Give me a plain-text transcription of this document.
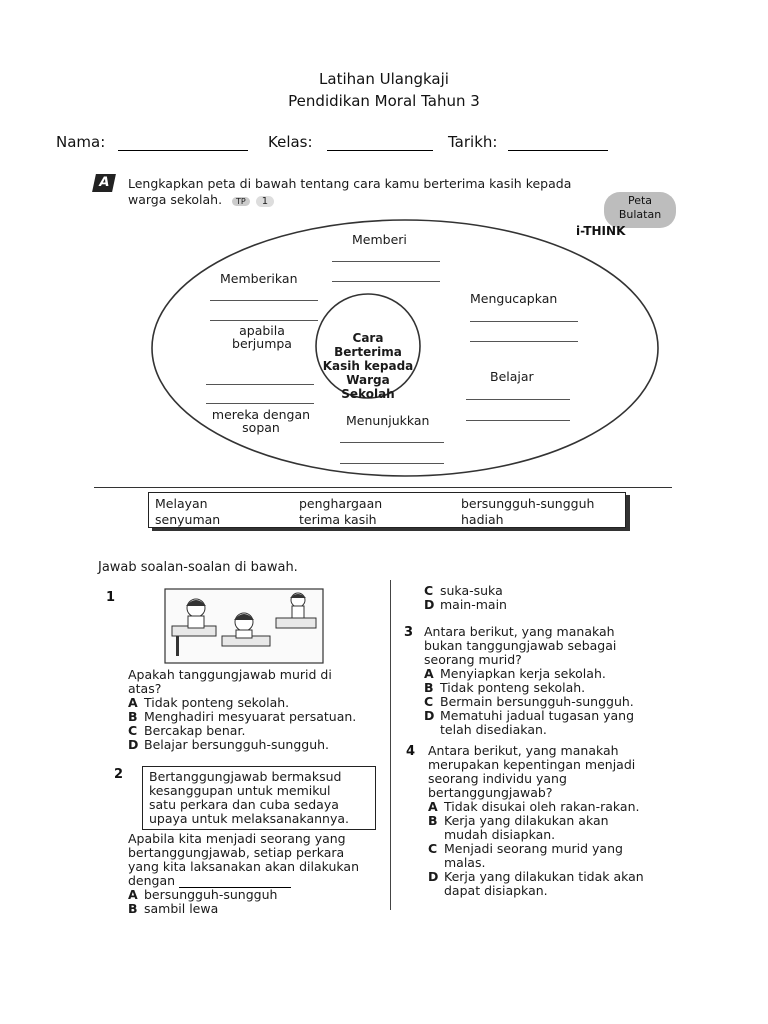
Latihan Ulangkaji
Pendidikan Moral Tahun 3
Nama:	Kelas:	Tarikh:
A	Lengkapkan peta di bawah tentang cara kamu berterima kasih kepada
warga sekolah. TP 1	Peta
Bulatan
i-THINK
Cara Berterima
Kasih kepada
Warga Sekolah
Memberi
Memberikan
apabila
berjumpa
mereka dengan
sopan
Mengucapkan
Belajar
Menunjukkan
Melayan	penghargaan	bersungguh-sungguh
senyuman	terima kasih	hadiah
Jawab soalan-soalan di bawah.
1
Apakah tanggungjawab murid di
atas?
A Tidak ponteng sekolah.
B Menghadiri mesyuarat persatuan.
C Bercakap benar.
D Belajar bersungguh-sungguh.
2 Bertanggungjawab bermaksud
kesanggupan untuk memikul
satu perkara dan cuba sedaya
upaya untuk melaksanakannya.
Apabila kita menjadi seorang yang
bertanggungjawab, setiap perkara
yang kita laksanakan akan dilakukan
dengan
A bersungguh-sungguh
B sambil lewa
C suka-suka
D main-main
3 Antara berikut, yang manakah
bukan tanggungjawab sebagai
seorang murid?
A Menyiapkan kerja sekolah.
B Tidak ponteng sekolah.
C Bermain bersungguh-sungguh.
D Mematuhi jadual tugasan yang
telah disediakan.
4 Antara berikut, yang manakah
merupakan kepentingan menjadi
seorang individu yang
bertanggungjawab?
A Tidak disukai oleh rakan-rakan.
B Kerja yang dilakukan akan
mudah disiapkan.
C Menjadi seorang murid yang
malas.
D Kerja yang dilakukan tidak akan
dapat disiapkan.
